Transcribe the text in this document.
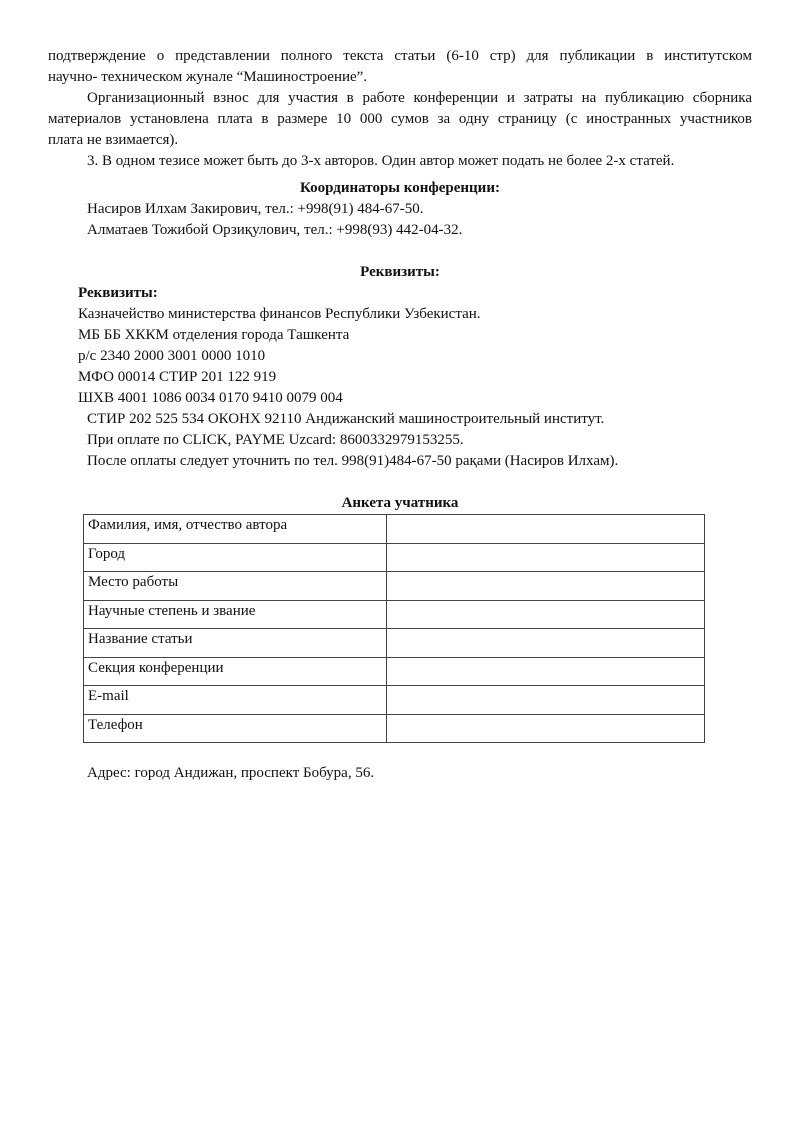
подтверждение о представлении полного текста статьи (6-10 стр) для публикации в институтском

научно- техническом жунале “Машиностроение”.

Организационный взнос для участия в работе конференции и затраты на публикацию сборника

материалов установлена плата в размере 10 000 сумов за одну страницу (с иностранных участников

плата не взимается).

3. В одном тезисе может быть до 3-х авторов. Один автор может подать не более 2-х статей.

Координаторы конференции:

Насиров Илхам Закирович, тел.: +998(91) 484-67-50.
Алматаев Тожибой Орзиқулович, тел.: +998(93) 442-04-32.

Реквизиты:

Реквизиты:
Казначейство министерства финансов Республики Узбекистан.
МБ ББ ХККМ отделения города Ташкента
р/с 2340 2000 3001 0000 1010
МФО 00014 СТИР 201 122 919
ШХВ 4001 1086 0034 0170 9410 0079 004
СТИР 202 525 534 ОКОНХ 92110 Андижанский машиностроительный институт.
При оплате по CLICK, PAYME Uzcard: 8600332979153255.
После оплаты следует уточнить по тел. 998(91)484-67-50 рақами (Насиров Илхам).

Анкета учатника

Фамилия, имя, отчество автора	
Город	
Место работы	
Научные степень и звание	
Название статьи	
Секция конференции	
E-mail	
Телефон	

Адрес: город Андижан, проспект Бобура, 56.
